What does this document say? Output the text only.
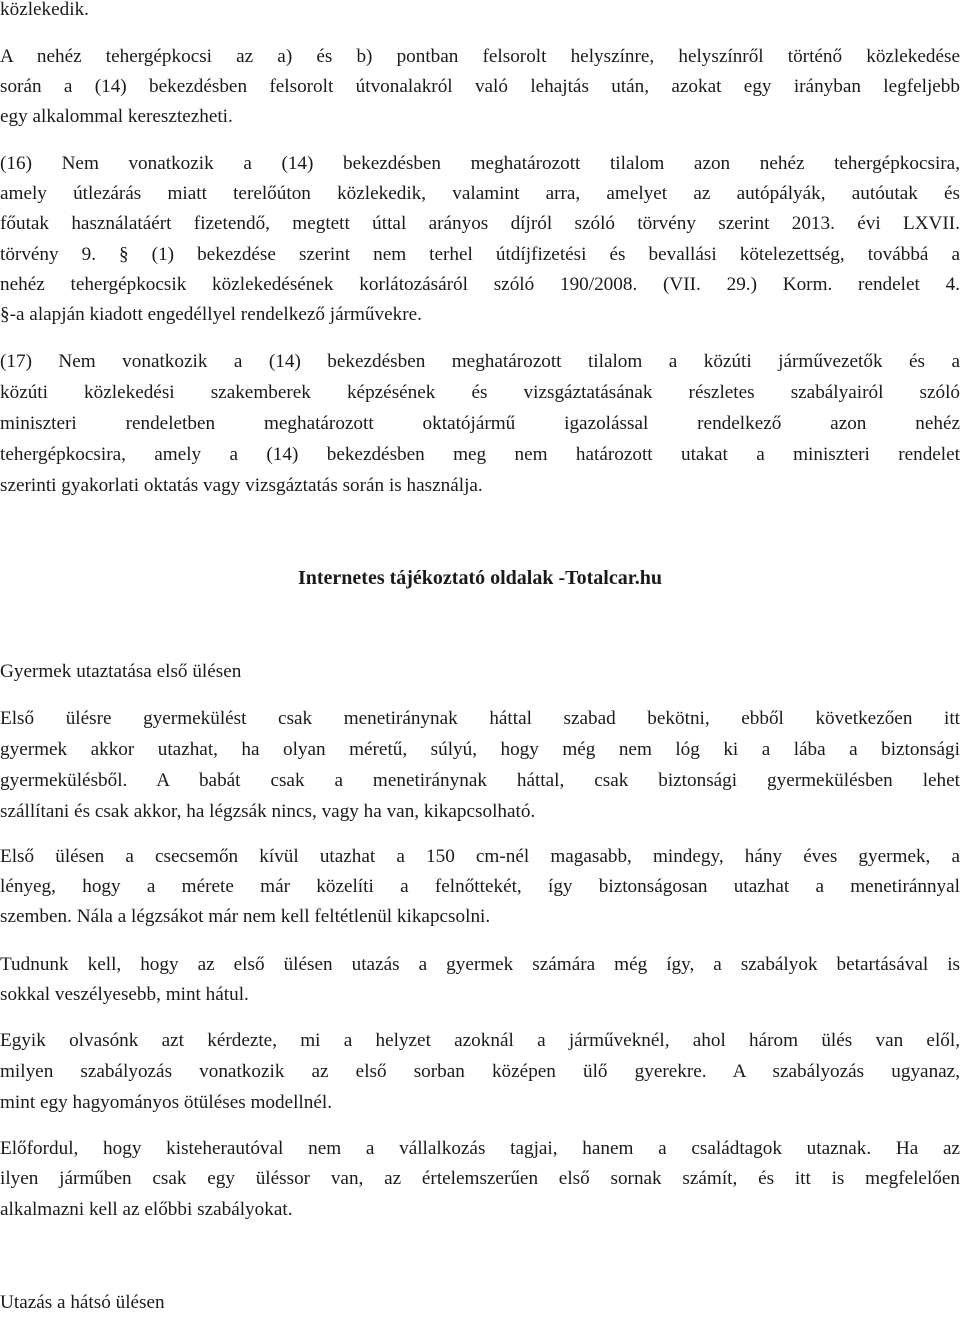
közlekedik.
A nehéz tehergépkocsi az a) és b) pontban felsorolt helyszínre, helyszínről történő közlekedése
során a (14) bekezdésben felsorolt útvonalakról való lehajtás után, azokat egy irányban legfeljebb
egy alkalommal keresztezheti.
(16) Nem vonatkozik a (14) bekezdésben meghatározott tilalom azon nehéz tehergépkocsira,
amely útlezárás miatt terelőúton közlekedik, valamint arra, amelyet az autópályák, autóutak és
főutak használatáért fizetendő, megtett úttal arányos díjról szóló törvény szerint 2013. évi LXVII.
törvény 9. § (1) bekezdése szerint nem terhel útdíjfizetési és bevallási kötelezettség, továbbá a
nehéz tehergépkocsik közlekedésének korlátozásáról szóló 190/2008. (VII. 29.) Korm. rendelet 4.
§-a alapján kiadott engedéllyel rendelkező járművekre.
(17) Nem vonatkozik a (14) bekezdésben meghatározott tilalom a közúti járművezetők és a
közúti közlekedési szakemberek képzésének és vizsgáztatásának részletes szabályairól szóló
miniszteri rendeletben meghatározott oktatójármű igazolással rendelkező azon nehéz
tehergépkocsira, amely a (14) bekezdésben meg nem határozott utakat a miniszteri rendelet
szerinti gyakorlati oktatás vagy vizsgáztatás során is használja.
Internetes tájékoztató oldalak -Totalcar.hu
Gyermek utaztatása első ülésen
Első ülésre gyermekülést csak menetiránynak háttal szabad bekötni, ebből következően itt
gyermek akkor utazhat, ha olyan méretű, súlyú, hogy még nem lóg ki a lába a biztonsági
gyermekülésből. A babát csak a menetiránynak háttal, csak biztonsági gyermekülésben lehet
szállítani és csak akkor, ha légzsák nincs, vagy ha van, kikapcsolható.
Első ülésen a csecsemőn kívül utazhat a 150 cm-nél magasabb, mindegy, hány éves gyermek, a
lényeg, hogy a mérete már közelíti a felnőttekét, így biztonságosan utazhat a menetiránnyal
szemben. Nála a légzsákot már nem kell feltétlenül kikapcsolni.
Tudnunk kell, hogy az első ülésen utazás a gyermek számára még így, a szabályok betartásával is
sokkal veszélyesebb, mint hátul.
Egyik olvasónk azt kérdezte, mi a helyzet azoknál a járműveknél, ahol három ülés van elől,
milyen szabályozás vonatkozik az első sorban középen ülő gyerekre. A szabályozás ugyanaz,
mint egy hagyományos ötüléses modellnél.
Előfordul, hogy kisteherautóval nem a vállalkozás tagjai, hanem a családtagok utaznak. Ha az
ilyen járműben csak egy üléssor van, az értelemszerűen első sornak számít, és itt is megfelelően
alkalmazni kell az előbbi szabályokat.
Utazás a hátsó ülésen
